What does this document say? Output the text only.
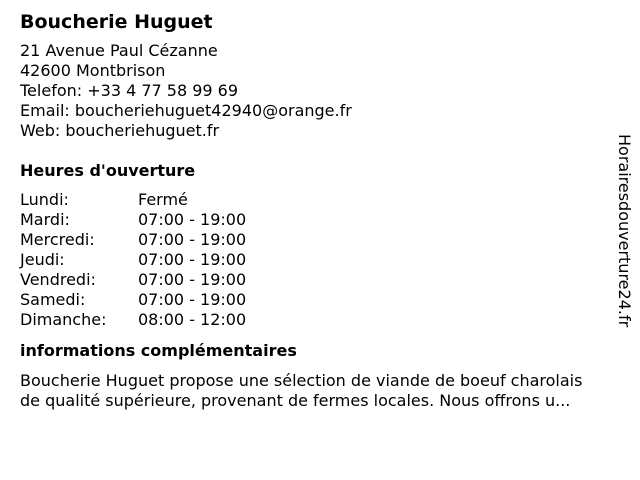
Boucherie Huguet
21 Avenue Paul Cézanne
42600 Montbrison
Telefon: +33 4 77 58 99 69
Email: boucheriehuguet42940@orange.fr
Web: boucheriehuguet.fr
Heures d'ouverture
Lundi:	Fermé
Mardi:	07:00 - 19:00
Mercredi:	07:00 - 19:00
Jeudi:	07:00 - 19:00
Vendredi:	07:00 - 19:00
Samedi:	07:00 - 19:00
Dimanche:	08:00 - 12:00
informations complémentaires
Boucherie Huguet propose une sélection de viande de boeuf charolais
de qualité supérieure, provenant de fermes locales. Nous offrons u...
Horairesdouverture24.fr
